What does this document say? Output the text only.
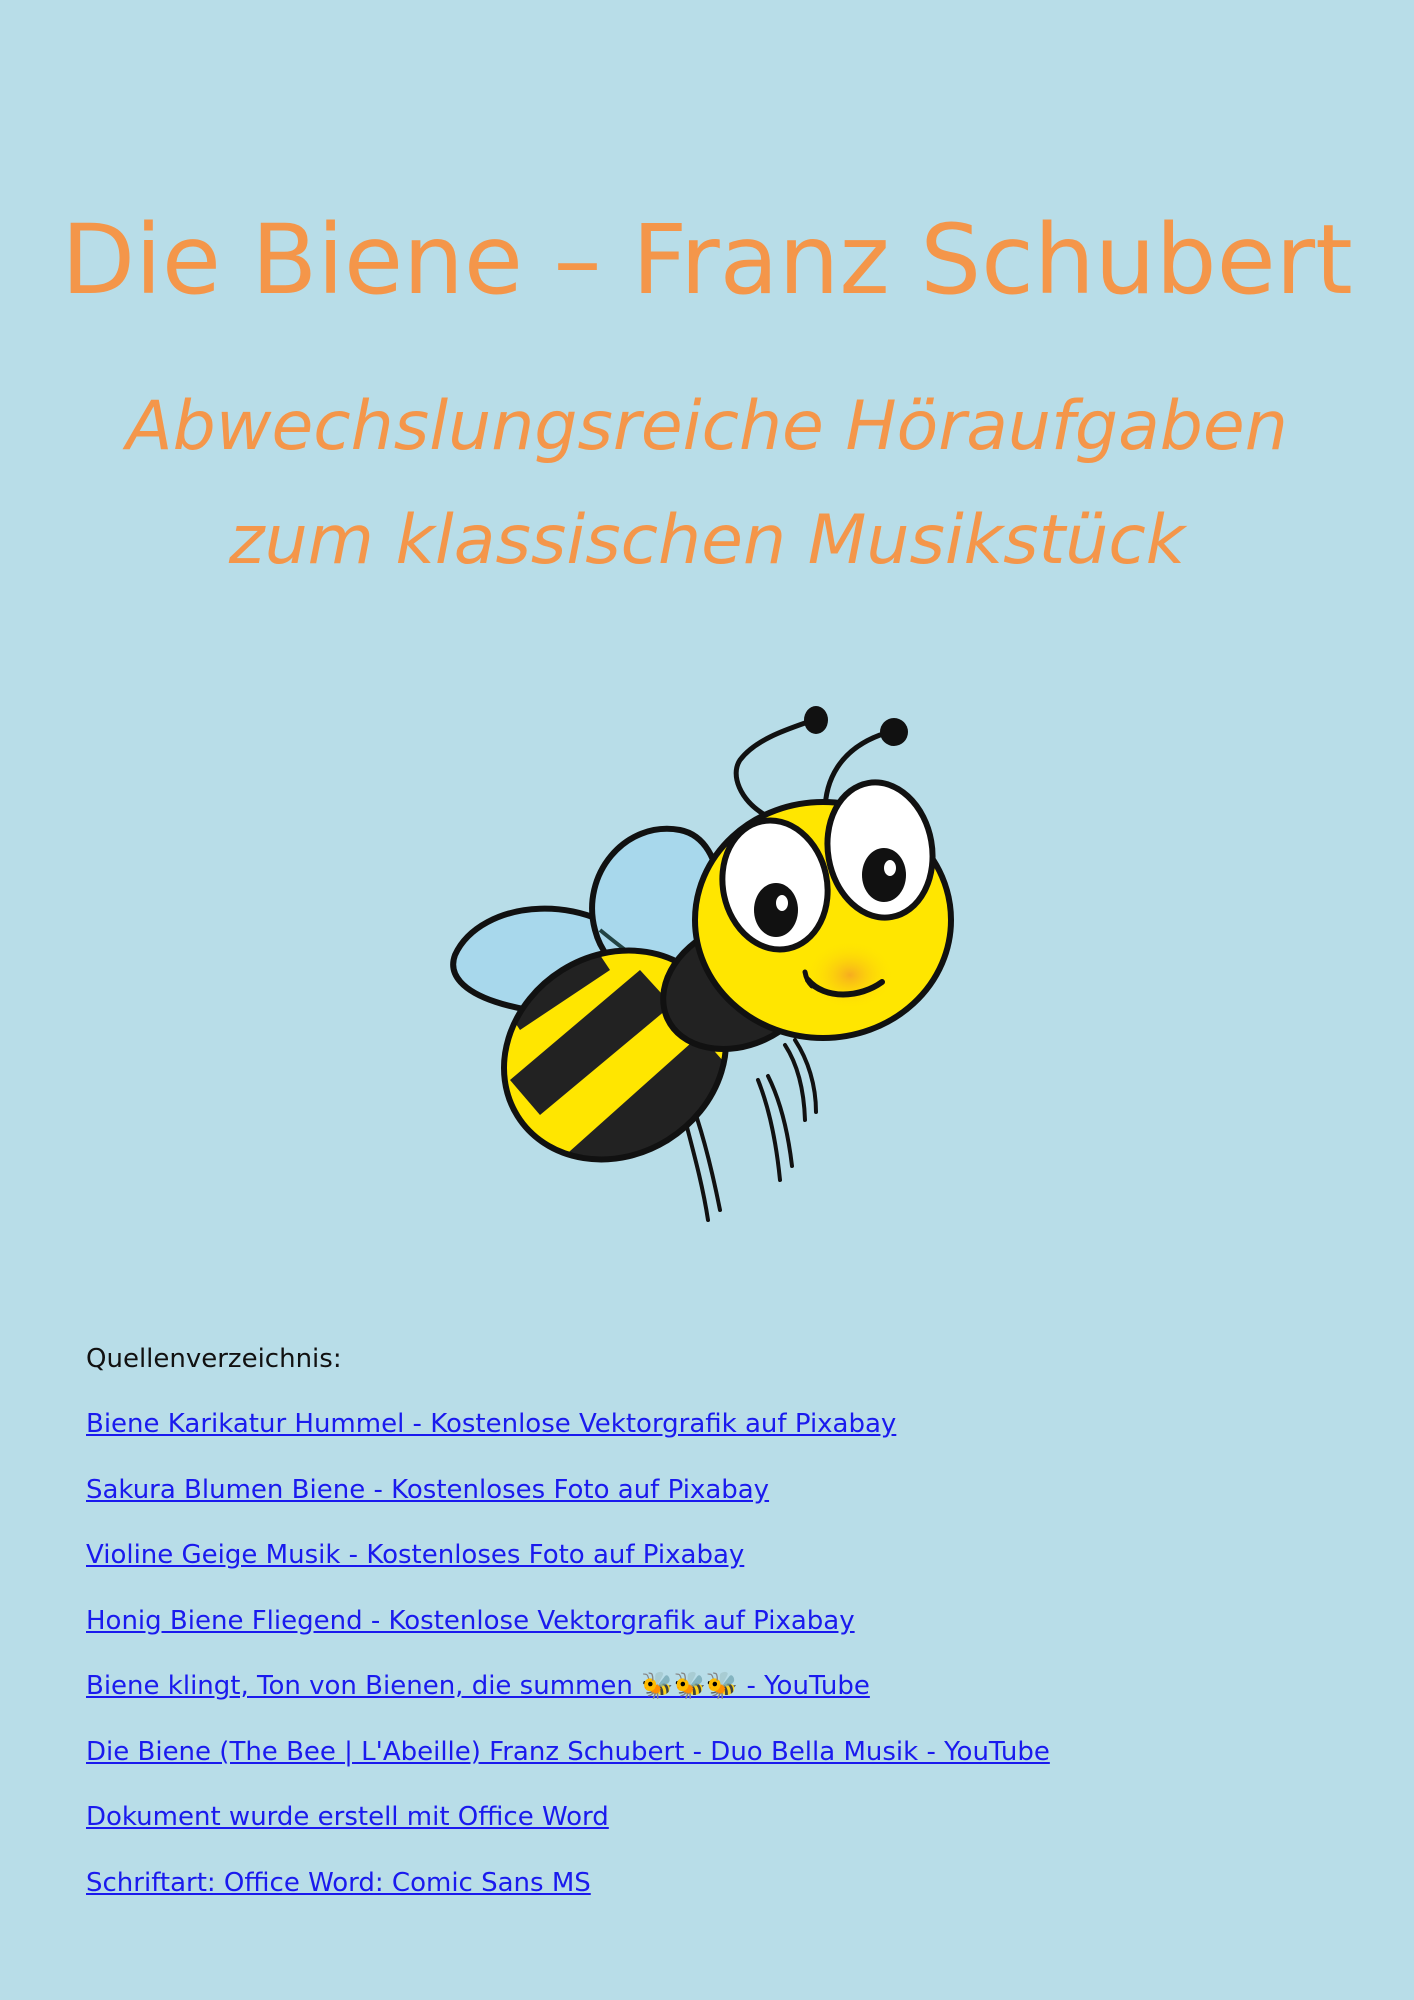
Die Biene – Franz Schubert
Abwechslungsreiche Höraufgaben
zum klassischen Musikstück

Quellenverzeichnis:

Biene Karikatur Hummel - Kostenlose Vektorgrafik auf Pixabay
Sakura Blumen Biene - Kostenloses Foto auf Pixabay
Violine Geige Musik - Kostenloses Foto auf Pixabay
Honig Biene Fliegend - Kostenlose Vektorgrafik auf Pixabay
Biene klingt, Ton von Bienen, die summen 🐝🐝🐝 - YouTube
Die Biene (The Bee | L'Abeille) Franz Schubert - Duo Bella Musik - YouTube
Dokument wurde erstell mit Office Word
Schriftart: Office Word: Comic Sans MS
